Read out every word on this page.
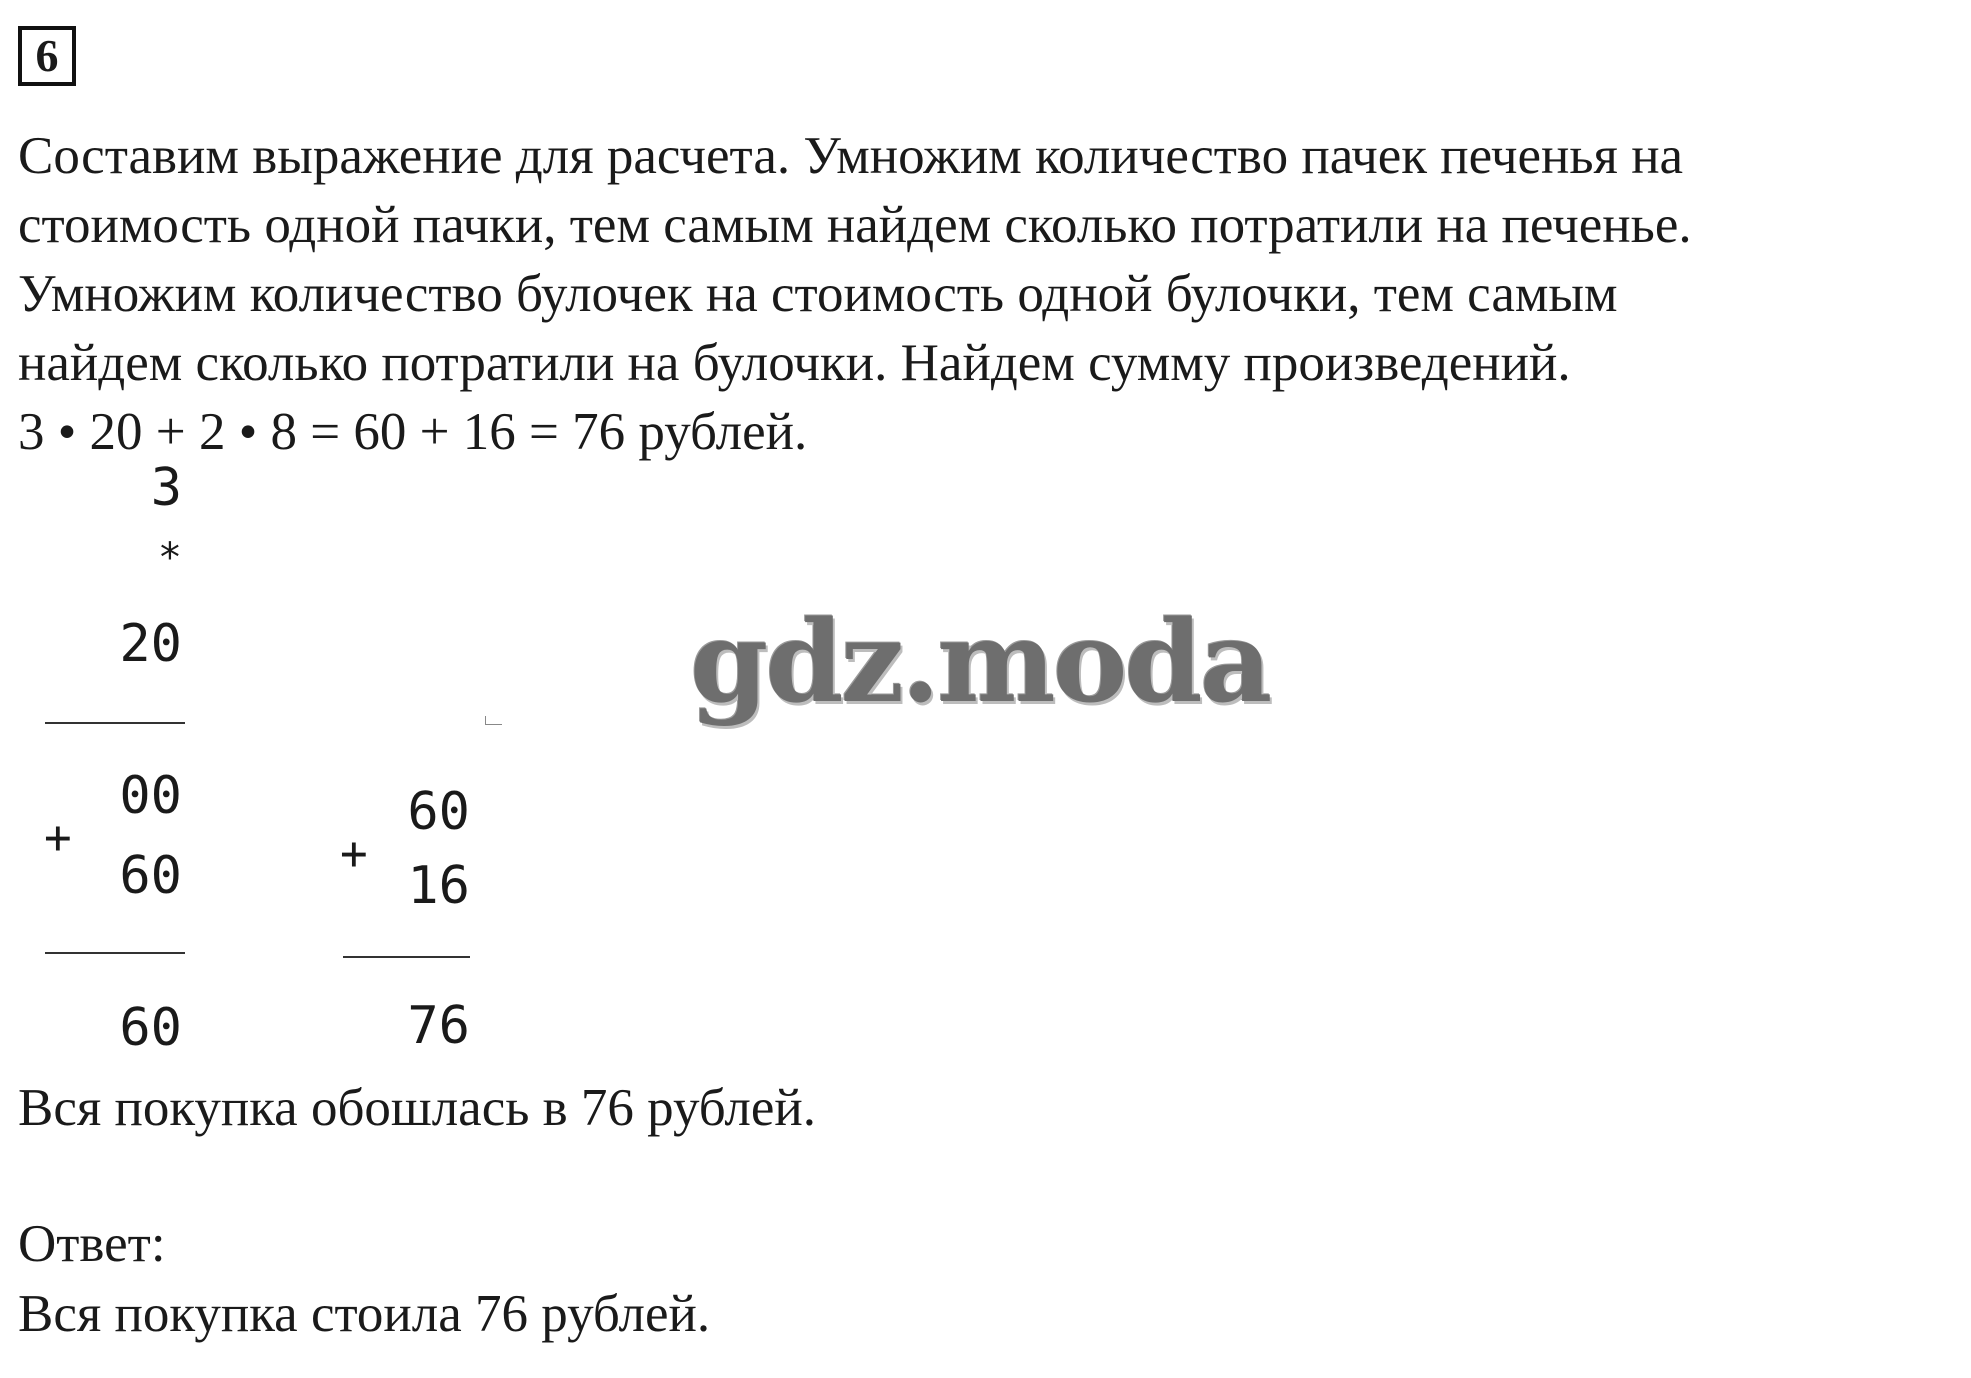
6
Составим выражение для расчета. Умножим количество пачек печенья на
стоимость одной пачки, тем самым найдем сколько потратили на печенье.
Умножим количество булочек на стоимость одной булочки, тем самым
найдем сколько потратили на булочки. Найдем сумму произведений.
3 • 20 + 2 • 8 = 60 + 16 = 76 рублей.
3
*
20
00
+
60
60
60
+
16
76
gdz.moda
Вся покупка обошлась в 76 рублей.
Ответ:
Вся покупка стоила 76 рублей.
